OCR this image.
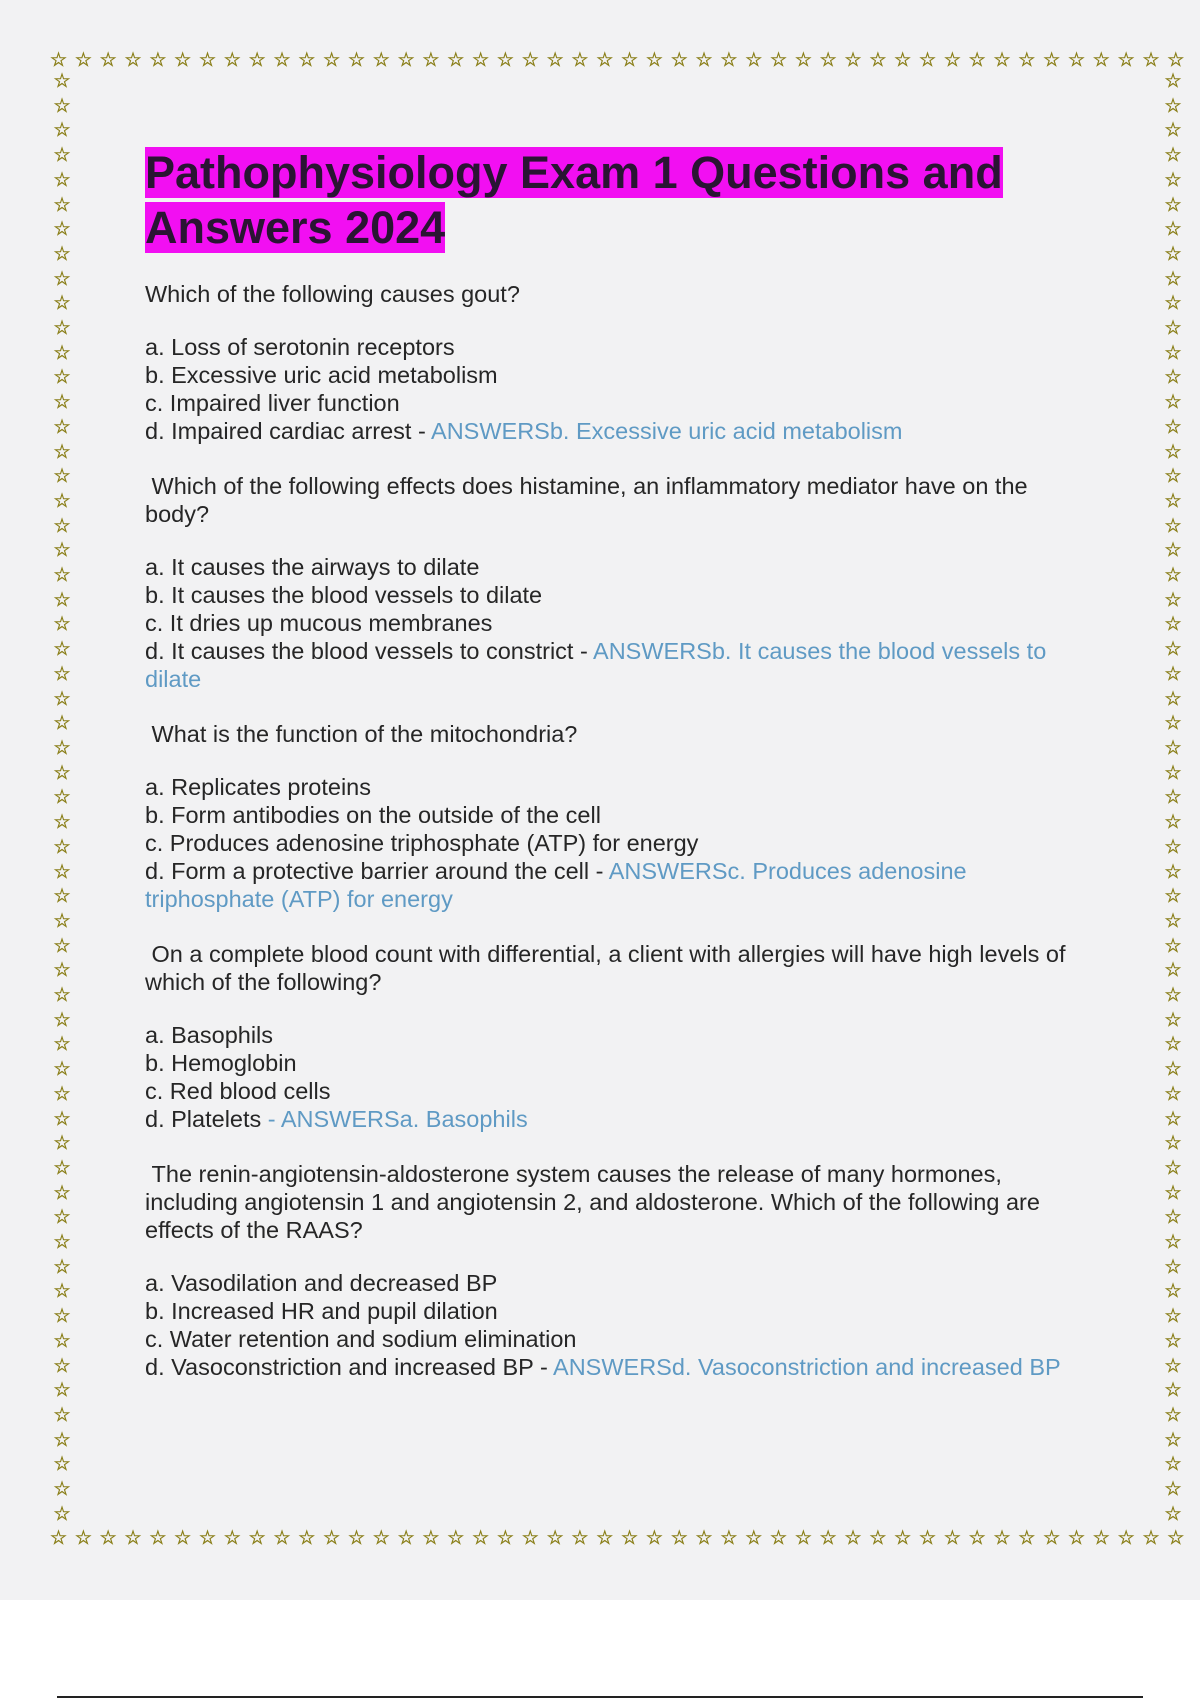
☆ ☆ ☆ ☆ ☆ ☆ ☆ ☆ ☆ ☆ ☆ ☆ ☆ ☆ ☆ ☆ ☆ ☆ ☆ ☆ ☆ ☆ ☆ ☆ ☆ ☆ ☆ ☆ ☆ ☆ ☆ ☆ ☆ ☆ ☆ ☆ ☆ ☆ ☆ ☆ ☆ ☆ ☆ ☆ ☆ ☆
☆
☆
☆
☆
☆
☆
☆
☆
☆
☆
☆
☆
☆
☆
☆
☆
☆
☆
☆
☆
☆
☆
☆
☆
☆
☆
☆
☆
☆
☆
☆
☆
☆
☆
☆
☆
☆
☆
☆
☆
☆
☆
☆
☆
☆
☆
☆
☆
☆
☆
☆
☆
☆
☆
☆
☆
☆
☆
☆
☆
☆
☆
☆
☆
☆
☆
☆
☆
☆
☆
☆
☆
☆
☆
☆
☆
☆
☆
☆
☆
☆
☆
☆
☆
☆
☆
☆
☆
☆
☆
☆
☆
☆
☆
☆
☆
☆
☆
☆
☆
☆
☆
☆
☆
☆
☆
☆
☆
☆
☆
☆
☆
☆
☆
☆
☆
☆
☆
☆ ☆ ☆ ☆ ☆ ☆ ☆ ☆ ☆ ☆ ☆ ☆ ☆ ☆ ☆ ☆ ☆ ☆ ☆ ☆ ☆ ☆ ☆ ☆ ☆ ☆ ☆ ☆ ☆ ☆ ☆ ☆ ☆ ☆ ☆ ☆ ☆ ☆ ☆ ☆ ☆ ☆ ☆ ☆ ☆ ☆
Pathophysiology Exam 1 Questions and Answers 2024
Which of the following causes gout?
a. Loss of serotonin receptors
b. Excessive uric acid metabolism
c. Impaired liver function
d. Impaired cardiac arrest - ANSWERSb. Excessive uric acid metabolism
Which of the following effects does histamine, an inflammatory mediator have on the body?
a. It causes the airways to dilate
b. It causes the blood vessels to dilate
c. It dries up mucous membranes
d. It causes the blood vessels to constrict - ANSWERSb. It causes the blood vessels to dilate
What is the function of the mitochondria?
a. Replicates proteins
b. Form antibodies on the outside of the cell
c. Produces adenosine triphosphate (ATP) for energy
d. Form a protective barrier around the cell - ANSWERSc. Produces adenosine triphosphate (ATP) for energy
On a complete blood count with differential, a client with allergies will have high levels of which of the following?
a. Basophils
b. Hemoglobin
c. Red blood cells
d. Platelets - ANSWERSa. Basophils
The renin-angiotensin-aldosterone system causes the release of many hormones, including angiotensin 1 and angiotensin 2, and aldosterone. Which of the following are effects of the RAAS?
a. Vasodilation and decreased BP
b. Increased HR and pupil dilation
c. Water retention and sodium elimination
d. Vasoconstriction and increased BP - ANSWERSd. Vasoconstriction and increased BP
